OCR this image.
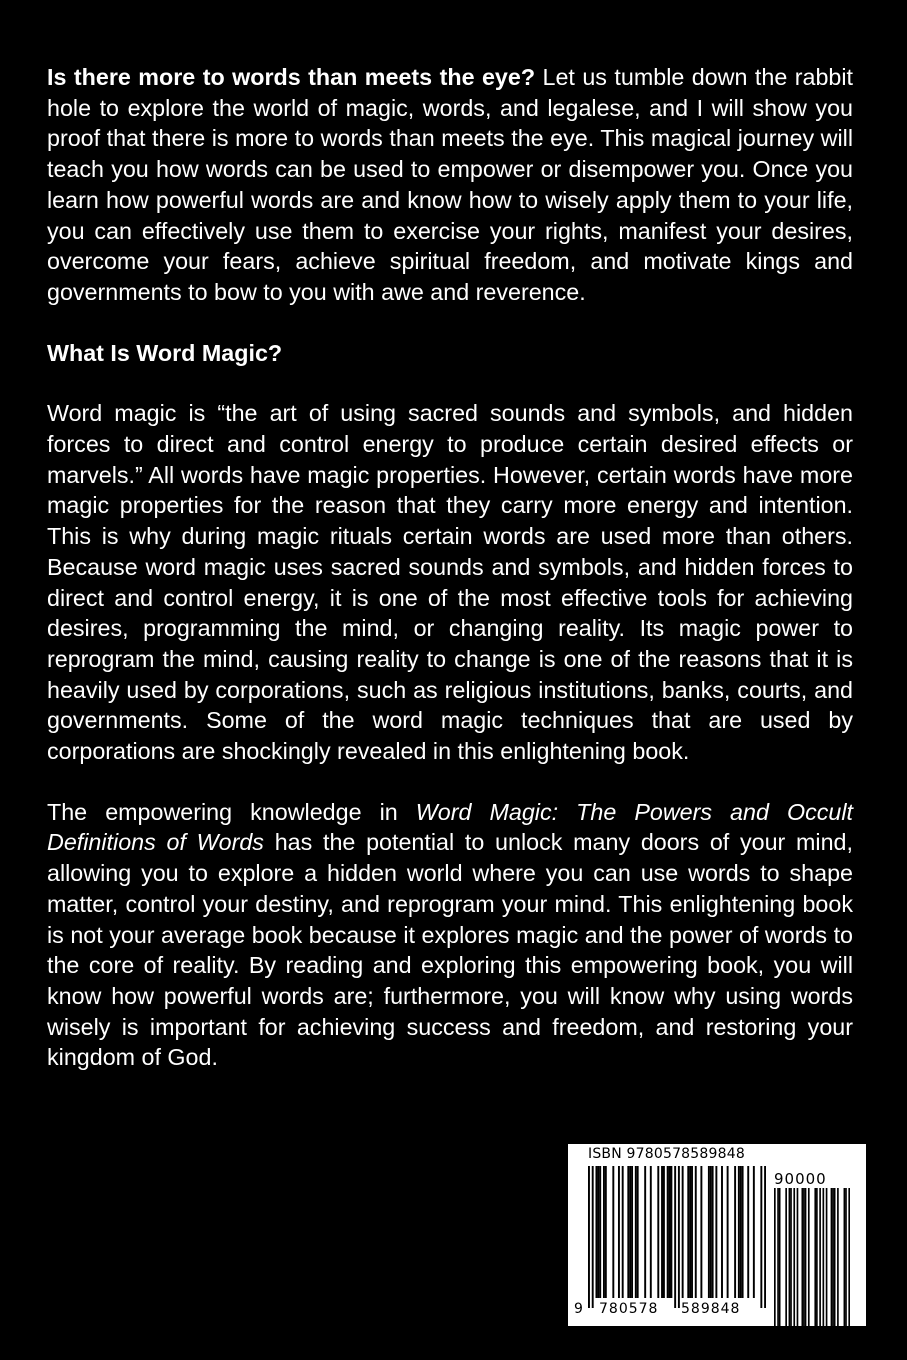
Is there more to words than meets the eye? Let us tumble down the rabbit hole to explore the world of magic, words, and legalese, and I will show you proof that there is more to words than meets the eye. This magical journey will teach you how words can be used to empower or disempower you. Once you learn how powerful words are and know how to wisely apply them to your life, you can effectively use them to exercise your rights, manifest your desires, overcome your fears, achieve spiritual freedom, and motivate kings and governments to bow to you with awe and reverence.

What Is Word Magic?

Word magic is “the art of using sacred sounds and symbols, and hidden forces to direct and control energy to produce certain desired effects or marvels.” All words have magic properties. However, certain words have more magic properties for the reason that they carry more energy and intention. This is why during magic rituals certain words are used more than others. Because word magic uses sacred sounds and symbols, and hidden forces to direct and control energy, it is one of the most effective tools for achieving desires, programming the mind, or changing reality. Its magic power to reprogram the mind, causing reality to change is one of the reasons that it is heavily used by corporations, such as religious institutions, banks, courts, and governments. Some of the word magic techniques that are used by corporations are shockingly revealed in this enlightening book.

The empowering knowledge in Word Magic: The Powers and Occult Definitions of Words has the potential to unlock many doors of your mind, allowing you to explore a hidden world where you can use words to shape matter, control your destiny, and reprogram your mind. This enlightening book is not your average book because it explores magic and the power of words to the core of reality. By reading and exploring this empowering book, you will know how powerful words are; furthermore, you will know why using words wisely is important for achieving success and freedom, and restoring your kingdom of God.

ISBN 9780578589848
90000
9 780578 589848
